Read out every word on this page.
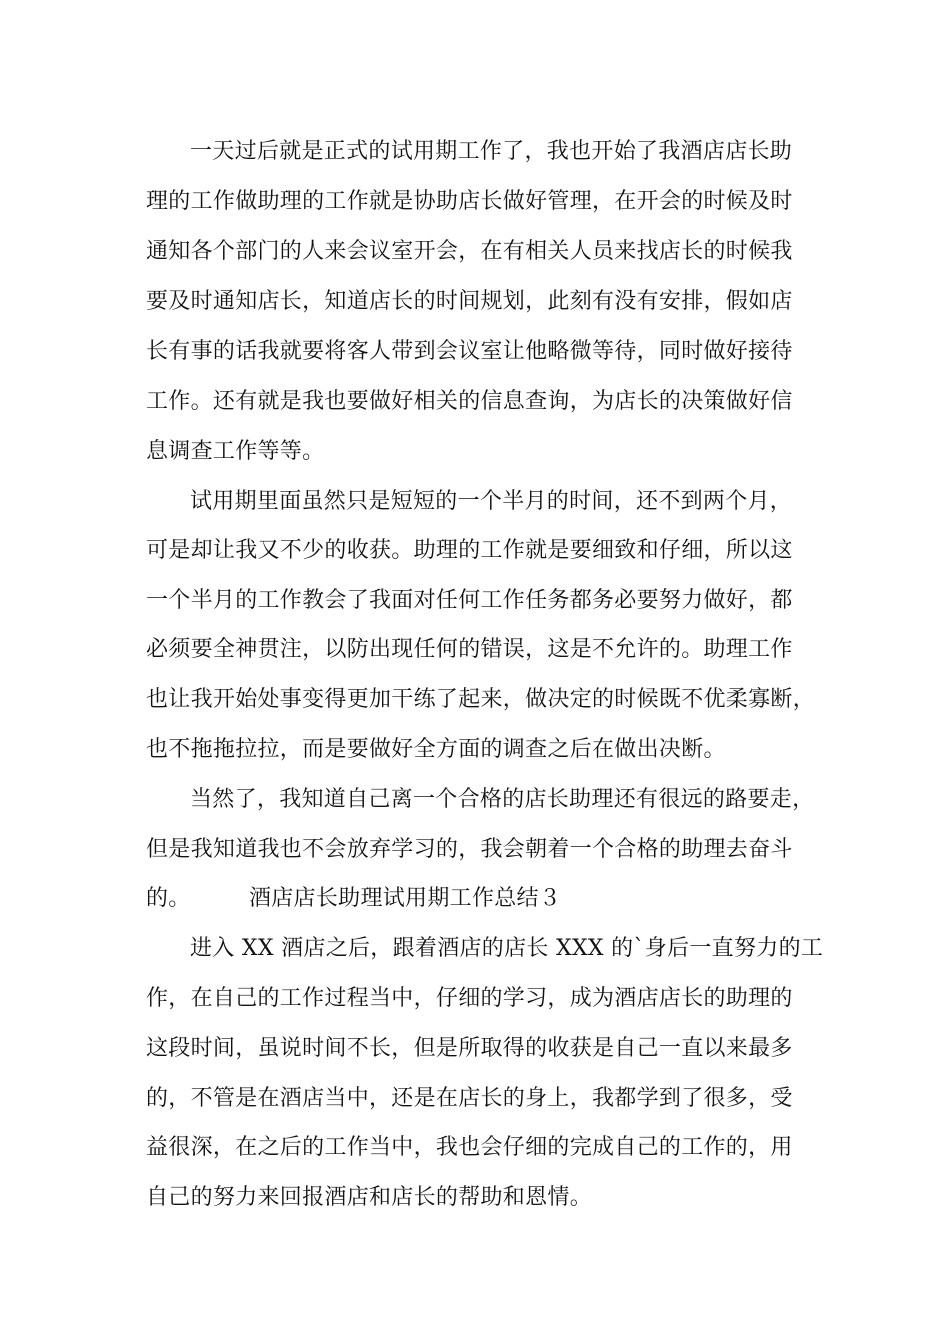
一天过后就是正式的试用期工作了，我也开始了我酒店店长助
理的工作做助理的工作就是协助店长做好管理，在开会的时候及时
通知各个部门的人来会议室开会，在有相关人员来找店长的时候我
要及时通知店长，知道店长的时间规划，此刻有没有安排，假如店
长有事的话我就要将客人带到会议室让他略微等待，同时做好接待
工作。还有就是我也要做好相关的信息查询，为店长的决策做好信
息调查工作等等。
试用期里面虽然只是短短的一个半月的时间，还不到两个月，
可是却让我又不少的收获。助理的工作就是要细致和仔细，所以这
一个半月的工作教会了我面对任何工作任务都务必要努力做好，都
必须要全神贯注，以防出现任何的错误，这是不允许的。助理工作
也让我开始处事变得更加干练了起来，做决定的时候既不优柔寡断，
也不拖拖拉拉，而是要做好全方面的调查之后在做出决断。
当然了，我知道自己离一个合格的店长助理还有很远的路要走，
但是我知道我也不会放弃学习的，我会朝着一个合格的助理去奋斗
的。        酒店店长助理试用期工作总结３
进入 XX 酒店之后，跟着酒店的店长 XXX 的`身后一直努力的工
作，在自己的工作过程当中，仔细的学习，成为酒店店长的助理的
这段时间，虽说时间不长，但是所取得的收获是自己一直以来最多
的，不管是在酒店当中，还是在店长的身上，我都学到了很多，受
益很深，在之后的工作当中，我也会仔细的完成自己的工作的，用
自己的努力来回报酒店和店长的帮助和恩情。
